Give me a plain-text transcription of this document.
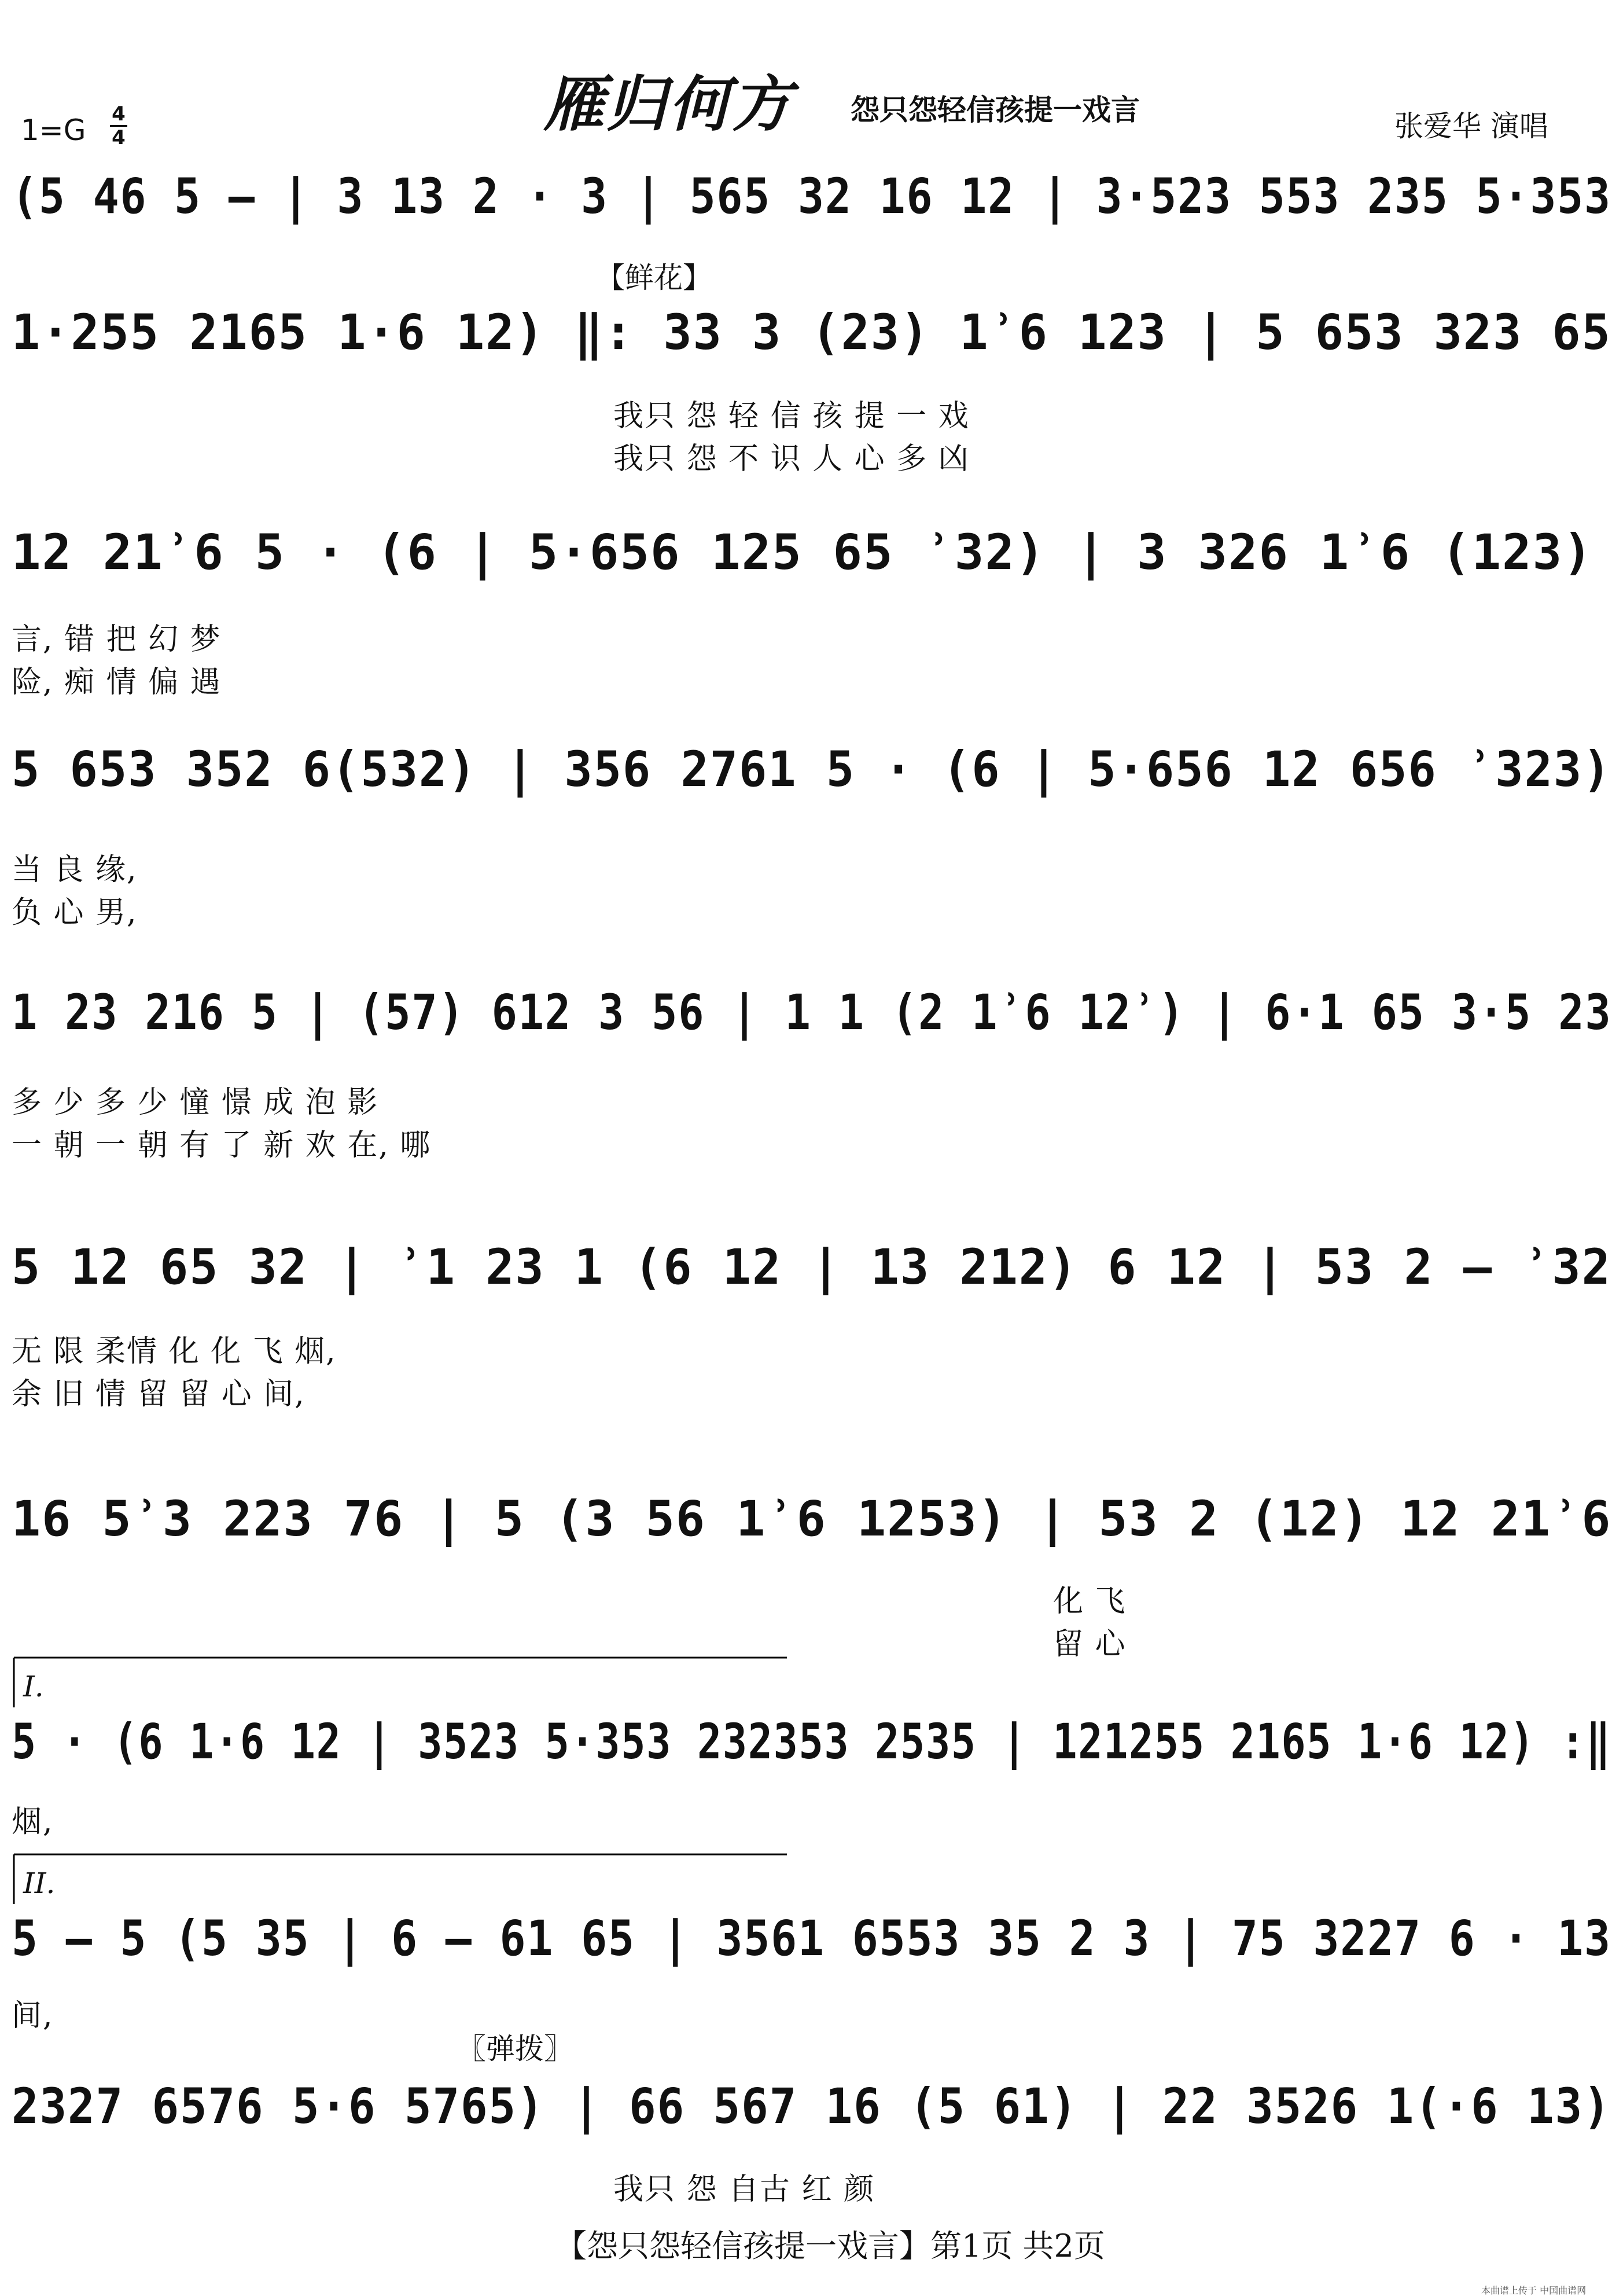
雁归何方 怨只怨轻信孩提一戏言	张爱华 演唱
1=G 4
4
(5 46 5 – | 3 13 2 · 3 | 565 32 16 12 | 3·523 553 235 5·353
【鲜花】
1·255 2165 1·6 12) ‖: 33 3 (23) 1ʾ6 123 | 5 653 323 65
我只 怨 轻 信 孩 提 一 戏
我只 怨 不 识 人 心 多 凶
12 21ʾ6 5 · (6 | 5·656 125 65 ʾ32) | 3 326 1ʾ6 (123)
言, 错 把 幻 梦
险, 痴 情 偏 遇
5 653 352 6(532) | 356 2761 5 · (6 | 5·656 12 656 ʾ323)
当 良 缘,
负 心 男,
1 23 216 5 | (57) 612 3 56 | 1 1 (2 1ʾ6 12ʾ) | 6·1 65 3·5 23
多 少 多 少 憧 憬 成 泡 影
一 朝 一 朝 有 了 新 欢 在, 哪
5 12 65 32 | ʾ1 23 1 (6 12 | 13 212) 6 12 | 53 2 – ʾ32
无 限 柔情 化 化 飞 烟,
余 旧 情 留 留 心 间,
16 5ʾ3 223 76 | 5 (3 56 1ʾ6 1253) | 53 2 (12) 12 21ʾ6
化 飞
留 心
I.
5 · (6 1·6 12 | 3523 5·353 232353 2535 | 121255 2165 1·6 12) :‖
烟,
II.
5 – 5 (5 35 | 6 – 61 65 | 3561 6553 35 2 3 | 75 3227 6 · 13
间,
〖弹拨〗
2327 6576 5·6 5765) | 66 567 16 (5 61) | 22 3526 1(·6 13)
我只 怨 自古 红 颜
【怨只怨轻信孩提一戏言】第1页 共2页
本曲谱上传于 中国曲谱网
